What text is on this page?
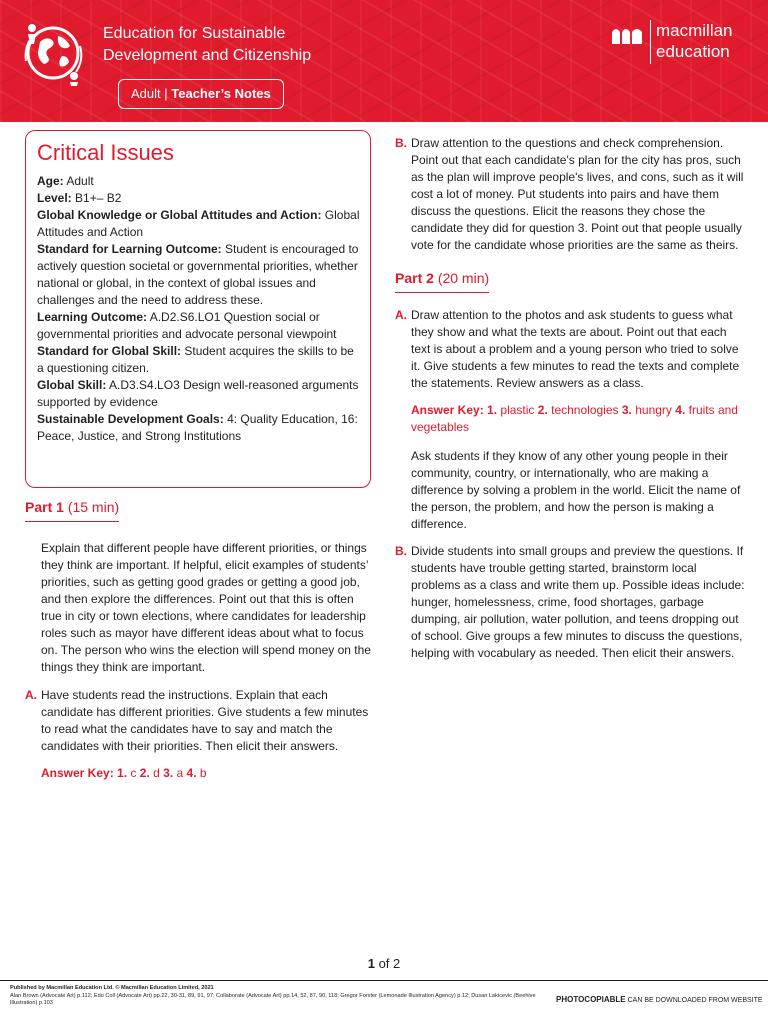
Education for Sustainable
Development and Citizenship
Adult | Teacher’s Notes
macmillan
education
Critical Issues

Age: Adult

Level: B1+– B2

Global Knowledge or Global Attitudes and Action: Global Attitudes and Action

Standard for Learning Outcome: Student is encouraged to actively question societal or governmental priorities, whether national or global, in the context of global issues and challenges and the need to address these.

Learning Outcome: A.D2.S6.LO1 Question social or governmental priorities and advocate personal viewpoint

Standard for Global Skill: Student acquires the skills to be a questioning citizen.

Global Skill: A.D3.S4.LO3 Design well-reasoned arguments supported by evidence

Sustainable Development Goals: 4: Quality Education, 16: Peace, Justice, and Strong Institutions

Part 1 (15 min)

Explain that different people have different priorities, or things they think are important. If helpful, elicit examples of students’ priorities, such as getting good grades or getting a good job, and then explore the differences. Point out that this is often true in city or town elections, where candidates for leadership roles such as mayor have different ideas about what to focus on. The person who wins the election will spend money on the things they think are important.

A. Have students read the instructions. Explain that each candidate has different priorities. Give students a few minutes to read what the candidates have to say and match the candidates with their priorities. Then elicit their answers.

Answer Key: 1. c 2. d 3. a 4. b

B. Draw attention to the questions and check comprehension. Point out that each candidate's plan for the city has pros, such as the plan will improve people's lives, and cons, such as it will cost a lot of money. Put students into pairs and have them discuss the questions. Elicit the reasons they chose the candidate they did for question 3. Point out that people usually vote for the candidate whose priorities are the same as theirs.
Part 2 (20 min)
A. Draw attention to the photos and ask students to guess what they show and what the texts are about. Point out that each text is about a problem and a young person who tried to solve it. Give students a few minutes to read the texts and complete the statements. Review answers as a class.

Answer Key: 1. plastic 2. technologies 3. hungry 4. fruits and vegetables

Ask students if they know of any other young people in their community, country, or internationally, who are making a difference by solving a problem in the world. Elicit the name of the person, the problem, and how the person is making a difference.

B. Divide students into small groups and preview the questions. If students have trouble getting started, brainstorm local problems as a class and write them up. Possible ideas include: hunger, homelessness, crime, food shortages, garbage dumping, air pollution, water pollution, and teens dropping out of school. Give groups a few minutes to discuss the questions, helping with vocabulary as needed. Then elicit their answers.
1 of 2
Published by Macmillan Education Ltd. © Macmillan Education Limited, 2021
Alan Brown (Advocate Art) p.112; Edu Coll (Advocate Art) pp.22, 30-31, 89, 91, 97; Collaborate (Advocate Art) pp.14, 52, 87, 90, 118; Gregor Forster (Lemonade Illustration Agency) p.12; Dusan Lakicevic (Beehive Illustration) p.103	PHOTOCOPIABLE CAN BE DOWNLOADED FROM WEBSITE
